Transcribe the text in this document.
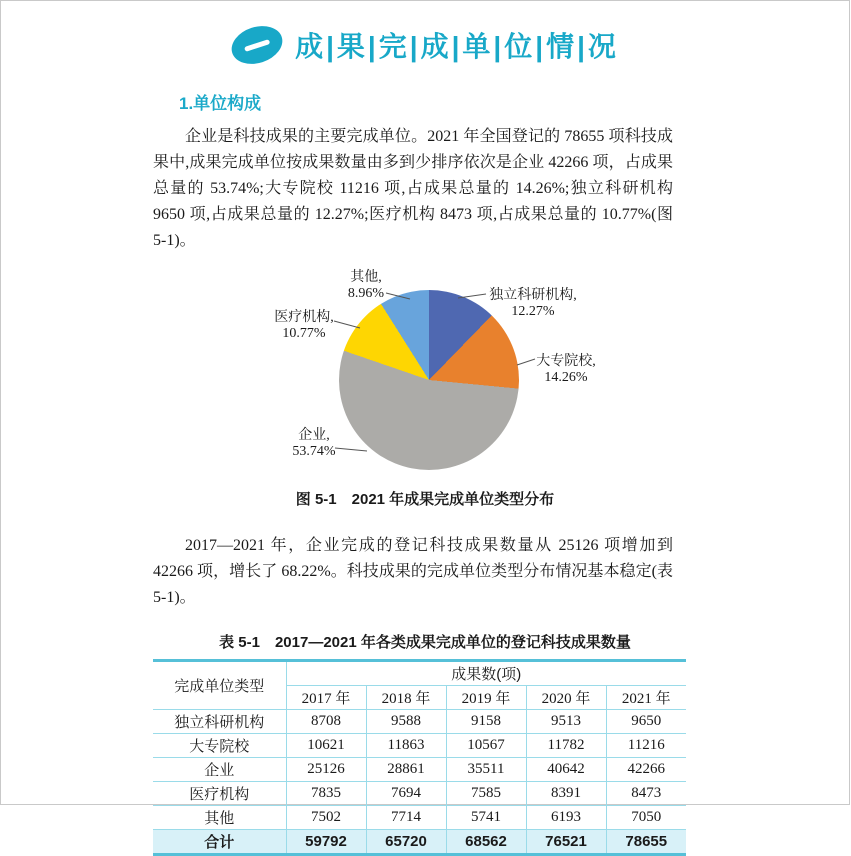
成|果|完|成|单|位|情|况
1.单位构成

企业是科技成果的主要完成单位。2021 年全国登记的 78655 项科技成果中,成果完成单位按成果数量由多到少排序依次是企业 42266 项，占成果总量的 53.74%;大专院校 11216 项,占成果总量的 14.26%;独立科研机构 9650 项,占成果总量的 12.27%;医疗机构 8473 项,占成果总量的 10.77%(图 5-1)。

其他,
8.96%	独立科研机构,
12.27%
医疗机构,
10.77%
大专院校,
14.26%
企业,
53.74%
图 5-1　2021 年成果完成单位类型分布

2017—2021 年，企业完成的登记科技成果数量从 25126 项增加到 42266 项，增长了 68.22%。科技成果的完成单位类型分布情况基本稳定(表 5-1)。

表 5-1　2017—2021 年各类成果完成单位的登记科技成果数量
完成单位类型	成果数(项)				
	2017 年	2018 年	2019 年	2020 年	2021 年
独立科研机构	8708	9588	9158	9513	9650
大专院校	10621	11863	10567	11782	11216
企业	25126	28861	35511	40642	42266
医疗机构	7835	7694	7585	8391	8473
其他	7502	7714	5741	6193	7050
合计	59792	65720	68562	76521	78655
